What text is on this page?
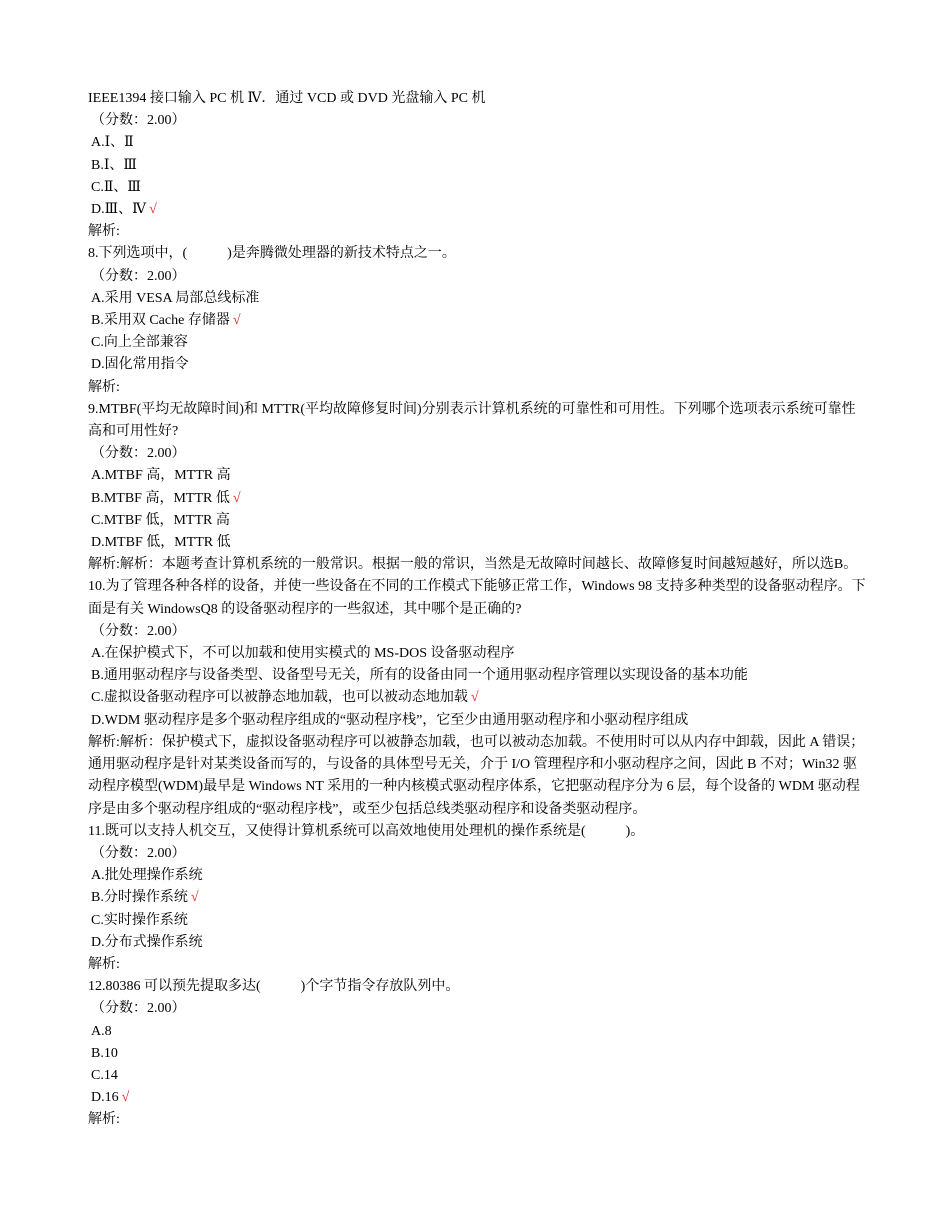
IEEE1394 接口输入 PC 机 Ⅳ．通过 VCD 或 DVD 光盘输入 PC 机

（分数：2.00）

A.Ⅰ、Ⅱ

B.Ⅰ、Ⅲ

C.Ⅱ、Ⅲ

D.Ⅲ、Ⅳ √

解析:

8.下列选项中，(	)是奔腾微处理器的新技术特点之一。

（分数：2.00）

A.采用 VESA 局部总线标准

B.采用双 Cache 存储器 √

C.向上全部兼容

D.固化常用指令

解析:

9.MTBF(平均无故障时间)和 MTTR(平均故障修复时间)分别表示计算机系统的可靠性和可用性。下列哪个选项表示系统可靠性高和可用性好?

（分数：2.00）

A.MTBF 高，MTTR 高

B.MTBF 高，MTTR 低 √

C.MTBF 低，MTTR 高

D.MTBF 低，MTTR 低

解析:解析：本题考查计算机系统的一般常识。根据一般的常识，当然是无故障时间越长、故障修复时间越短越好，所以选B。

10.为了管理各种各样的设备，并使一些设备在不同的工作模式下能够正常工作，Windows 98 支持多种类型的设备驱动程序。下面是有关 WindowsQ8 的设备驱动程序的一些叙述，其中哪个是正确的?

（分数：2.00）

A.在保护模式下，不可以加载和使用实模式的 MS-DOS 设备驱动程序

B.通用驱动程序与设备类型、设备型号无关，所有的设备由同一个通用驱动程序管理以实现设备的基本功能

C.虚拟设备驱动程序可以被静态地加载，也可以被动态地加载 √

D.WDM 驱动程序是多个驱动程序组成的“驱动程序栈”，它至少由通用驱动程序和小驱动程序组成

解析:解析：保护模式下，虚拟设备驱动程序可以被静态加载，也可以被动态加载。不使用时可以从内存中卸载，因此 A 错误；通用驱动程序是针对某类设备而写的，与设备的具体型号无关，介于 I/O 管理程序和小驱动程序之间，因此 B 不对；Win32 驱动程序模型(WDM)最早是 Windows NT 采用的一种内核模式驱动程序体系，它把驱动程序分为 6 层，每个设备的 WDM 驱动程序是由多个驱动程序组成的“驱动程序栈”，或至少包括总线类驱动程序和设备类驱动程序。

11.既可以支持人机交互，又使得计算机系统可以高效地使用处理机的操作系统是(	)。

（分数：2.00）

A.批处理操作系统

B.分时操作系统 √

C.实时操作系统

D.分布式操作系统

解析:

12.80386 可以预先提取多达(	)个字节指令存放队列中。

（分数：2.00）

A.8

B.10

C.14

D.16 √

解析:
